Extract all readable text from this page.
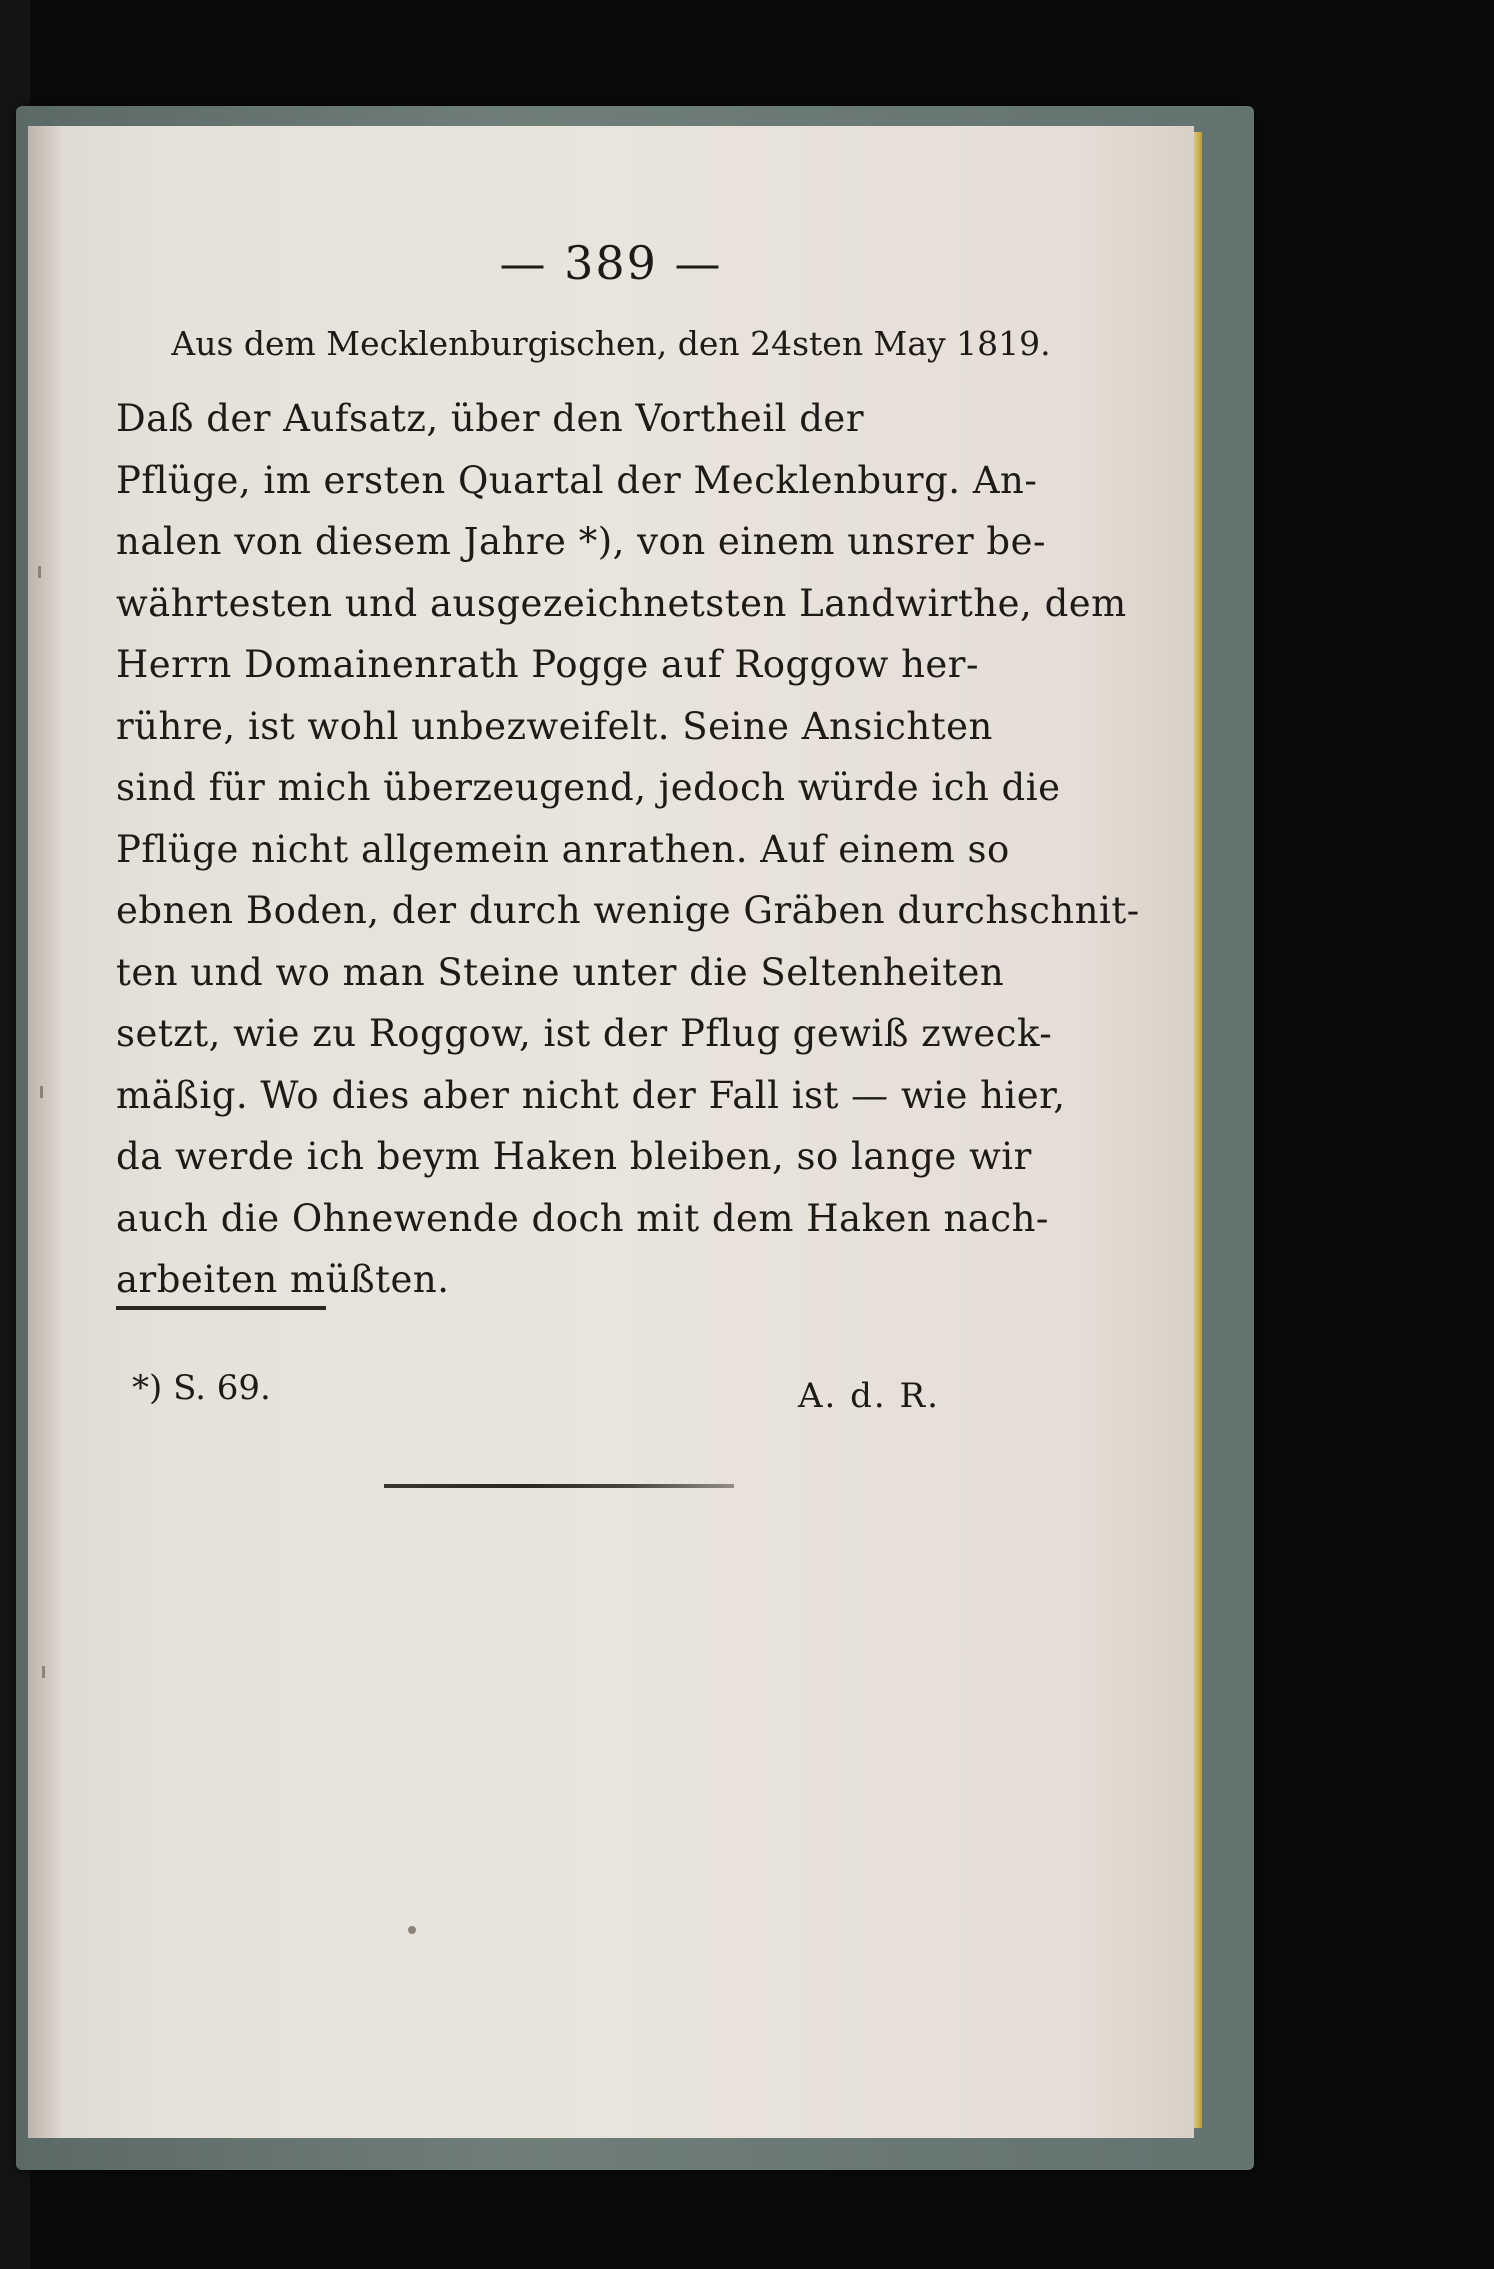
— 389 —
Aus dem Mecklenburgischen, den 24sten May 1819.
Daß der Aufsatz, über den Vortheil der
Pflüge, im ersten Quartal der Mecklenburg. An-
nalen von diesem Jahre *), von einem unsrer be-
währtesten und ausgezeichnetsten Landwirthe, dem
Herrn Domainenrath Pogge auf Roggow her-
rühre, ist wohl unbezweifelt. Seine Ansichten
sind für mich überzeugend, jedoch würde ich die
Pflüge nicht allgemein anrathen. Auf einem so
ebnen Boden, der durch wenige Gräben durchschnit-
ten und wo man Steine unter die Seltenheiten
setzt, wie zu Roggow, ist der Pflug gewiß zweck-
mäßig. Wo dies aber nicht der Fall ist — wie hier,
da werde ich beym Haken bleiben, so lange wir
auch die Ohnewende doch mit dem Haken nach-
arbeiten müßten.
*) S. 69.	A. d. R.
